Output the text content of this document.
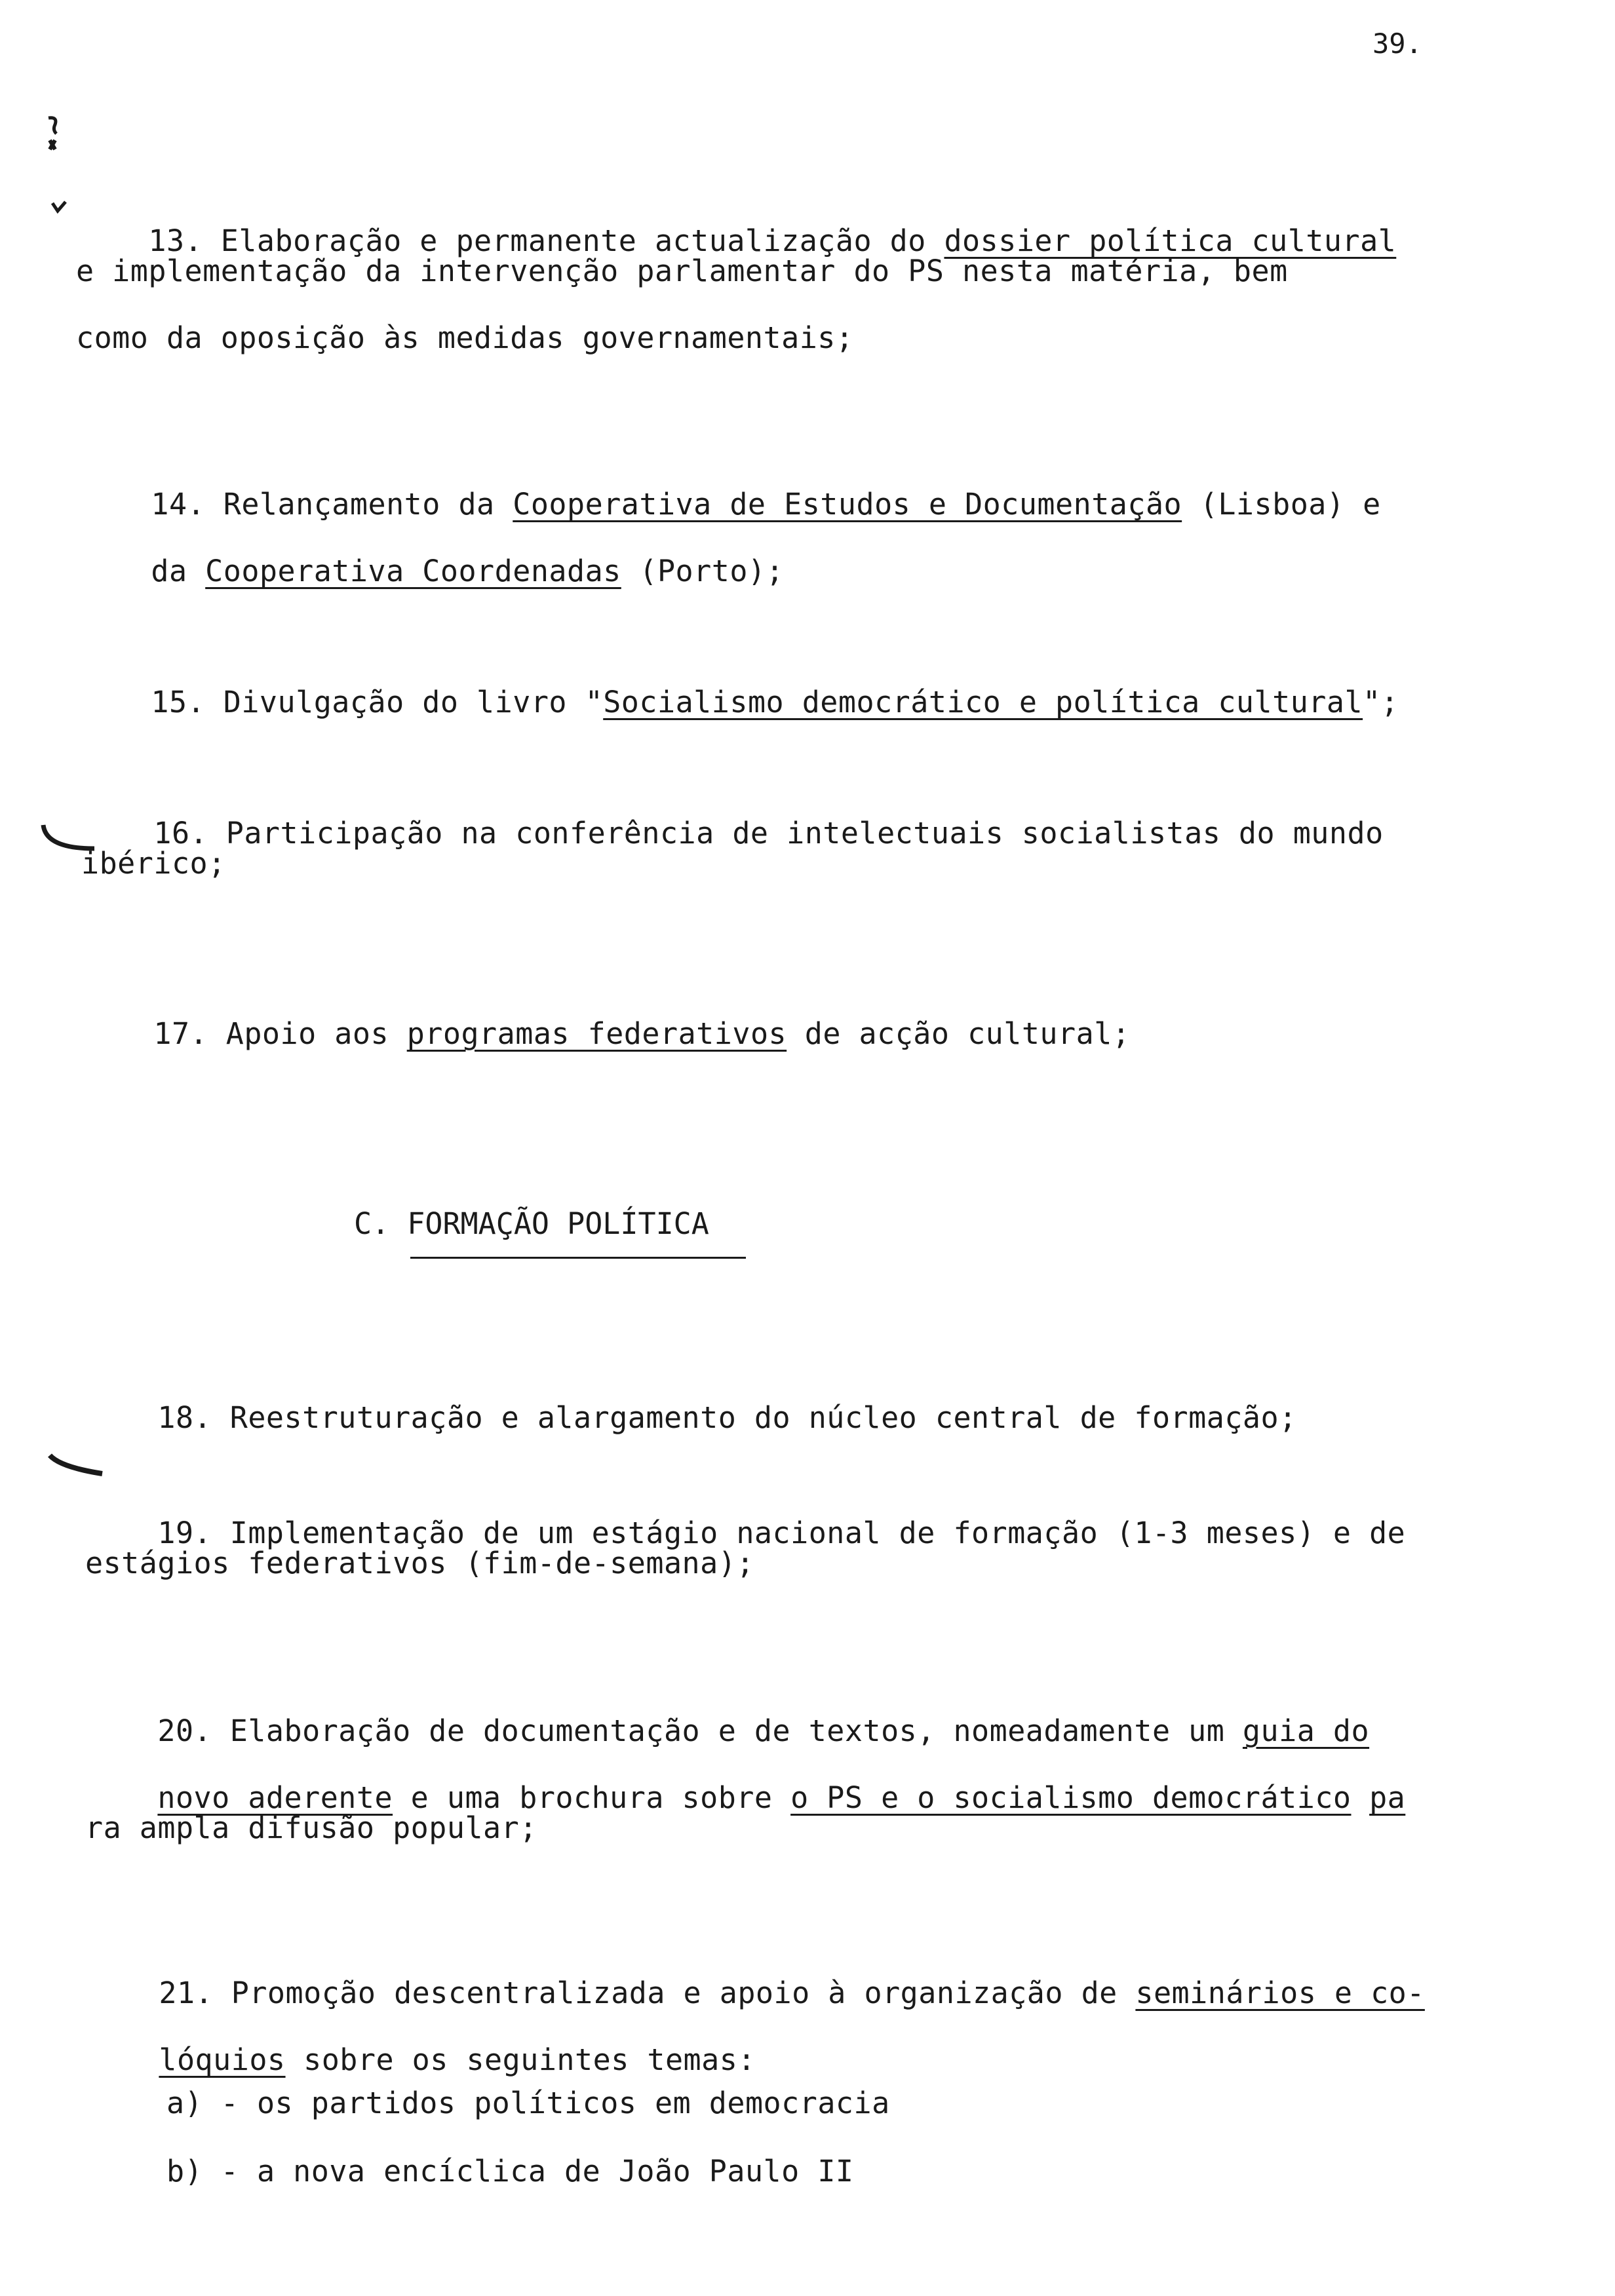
39.

13. Elaboração e permanente actualização do dossier política cultural

e implementação da intervenção parlamentar do PS nesta matéria, bem
como da oposição às medidas governamentais;

14. Relançamento da Cooperativa de Estudos e Documentação (Lisboa) e

da Cooperativa Coordenadas (Porto);

15. Divulgação do livro "Socialismo democrático e política cultural";

16. Participação na conferência de intelectuais socialistas do mundo

ibérico;

17. Apoio aos programas federativos de acção cultural;

C. FORMAÇÃO POLÍTICA

18. Reestruturação e alargamento do núcleo central de formação;

19. Implementação de um estágio nacional de formação (1-3 meses) e de

estágios federativos (fim-de-semana);

20. Elaboração de documentação e de textos, nomeadamente um guia do

novo aderente e uma brochura sobre o PS e o socialismo democrático pa

ra ampla difusão popular;

21. Promoção descentralizada e apoio à organização de seminários e co-

lóquios sobre os seguintes temas:

a) - os partidos políticos em democracia
b) - a nova encíclica de João Paulo II
